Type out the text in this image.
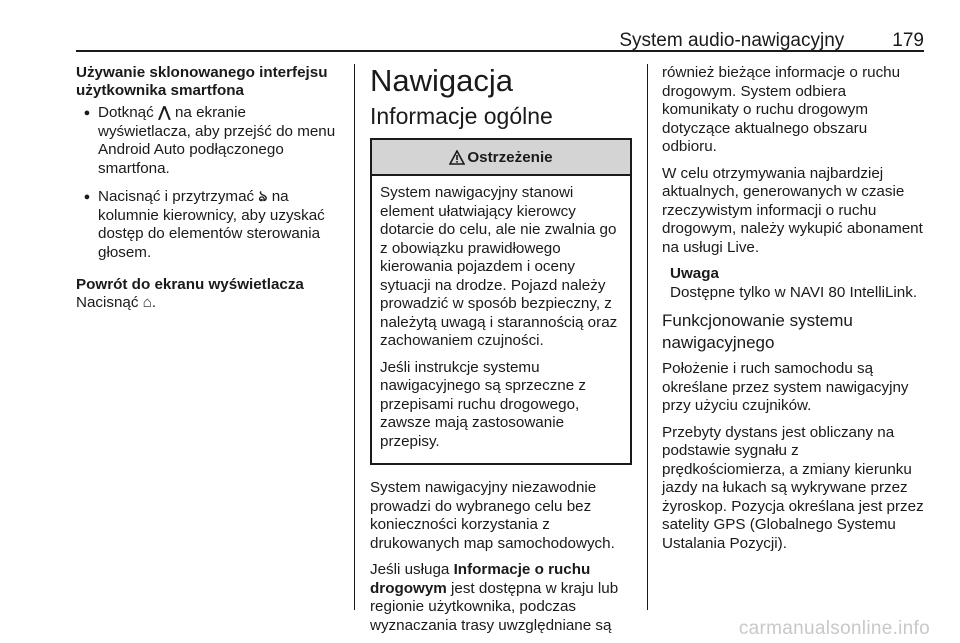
System audio-nawigacyjny	179

Używanie sklonowanego interfejsu użytkownika smartfona

● Dotknąć ⋀ na ekranie wyświetlacza, aby przejść do menu Android Auto podłączonego smartfona.
● Nacisnąć i przytrzymać ঌ na kolumnie kierownicy, aby uzyskać dostęp do elementów sterowania głosem.

Powrót do ekranu wyświetlacza

Nacisnąć ⌂.

Nawigacja
Informacje ogólne
Ostrzeżenie

System nawigacyjny stanowi element ułatwiający kierowcy dotarcie do celu, ale nie zwalnia go z obowiązku prawidłowego kierowania pojazdem i oceny sytuacji na drodze. Pojazd należy prowadzić w sposób bezpieczny, z należytą uwagą i starannością oraz zachowaniem czujności.

Jeśli instrukcje systemu nawigacyjnego są sprzeczne z przepisami ruchu drogowego, zawsze mają zastosowanie przepisy.

System nawigacyjny niezawodnie prowadzi do wybranego celu bez konieczności korzystania z drukowanych map samochodowych.

Jeśli usługa Informacje o ruchu drogowym jest dostępna w kraju lub regionie użytkownika, podczas wyznaczania trasy uwzględniane są

również bieżące informacje o ruchu drogowym. System odbiera komunikaty o ruchu drogowym dotyczące aktualnego obszaru odbioru.

W celu otrzymywania najbardziej aktualnych, generowanych w czasie rzeczywistym informacji o ruchu drogowym, należy wykupić abonament na usługi Live.

Uwaga

Dostępne tylko w NAVI 80 IntelliLink.

Funkcjonowanie systemu nawigacyjnego

Położenie i ruch samochodu są określane przez system nawigacyjny przy użyciu czujników.

Przebyty dystans jest obliczany na podstawie sygnału z prędkościomierza, a zmiany kierunku jazdy na łukach są wykrywane przez żyroskop. Pozycja określana jest przez satelity GPS (Globalnego Systemu Ustalania Pozycji).

carmanualsonline.info
